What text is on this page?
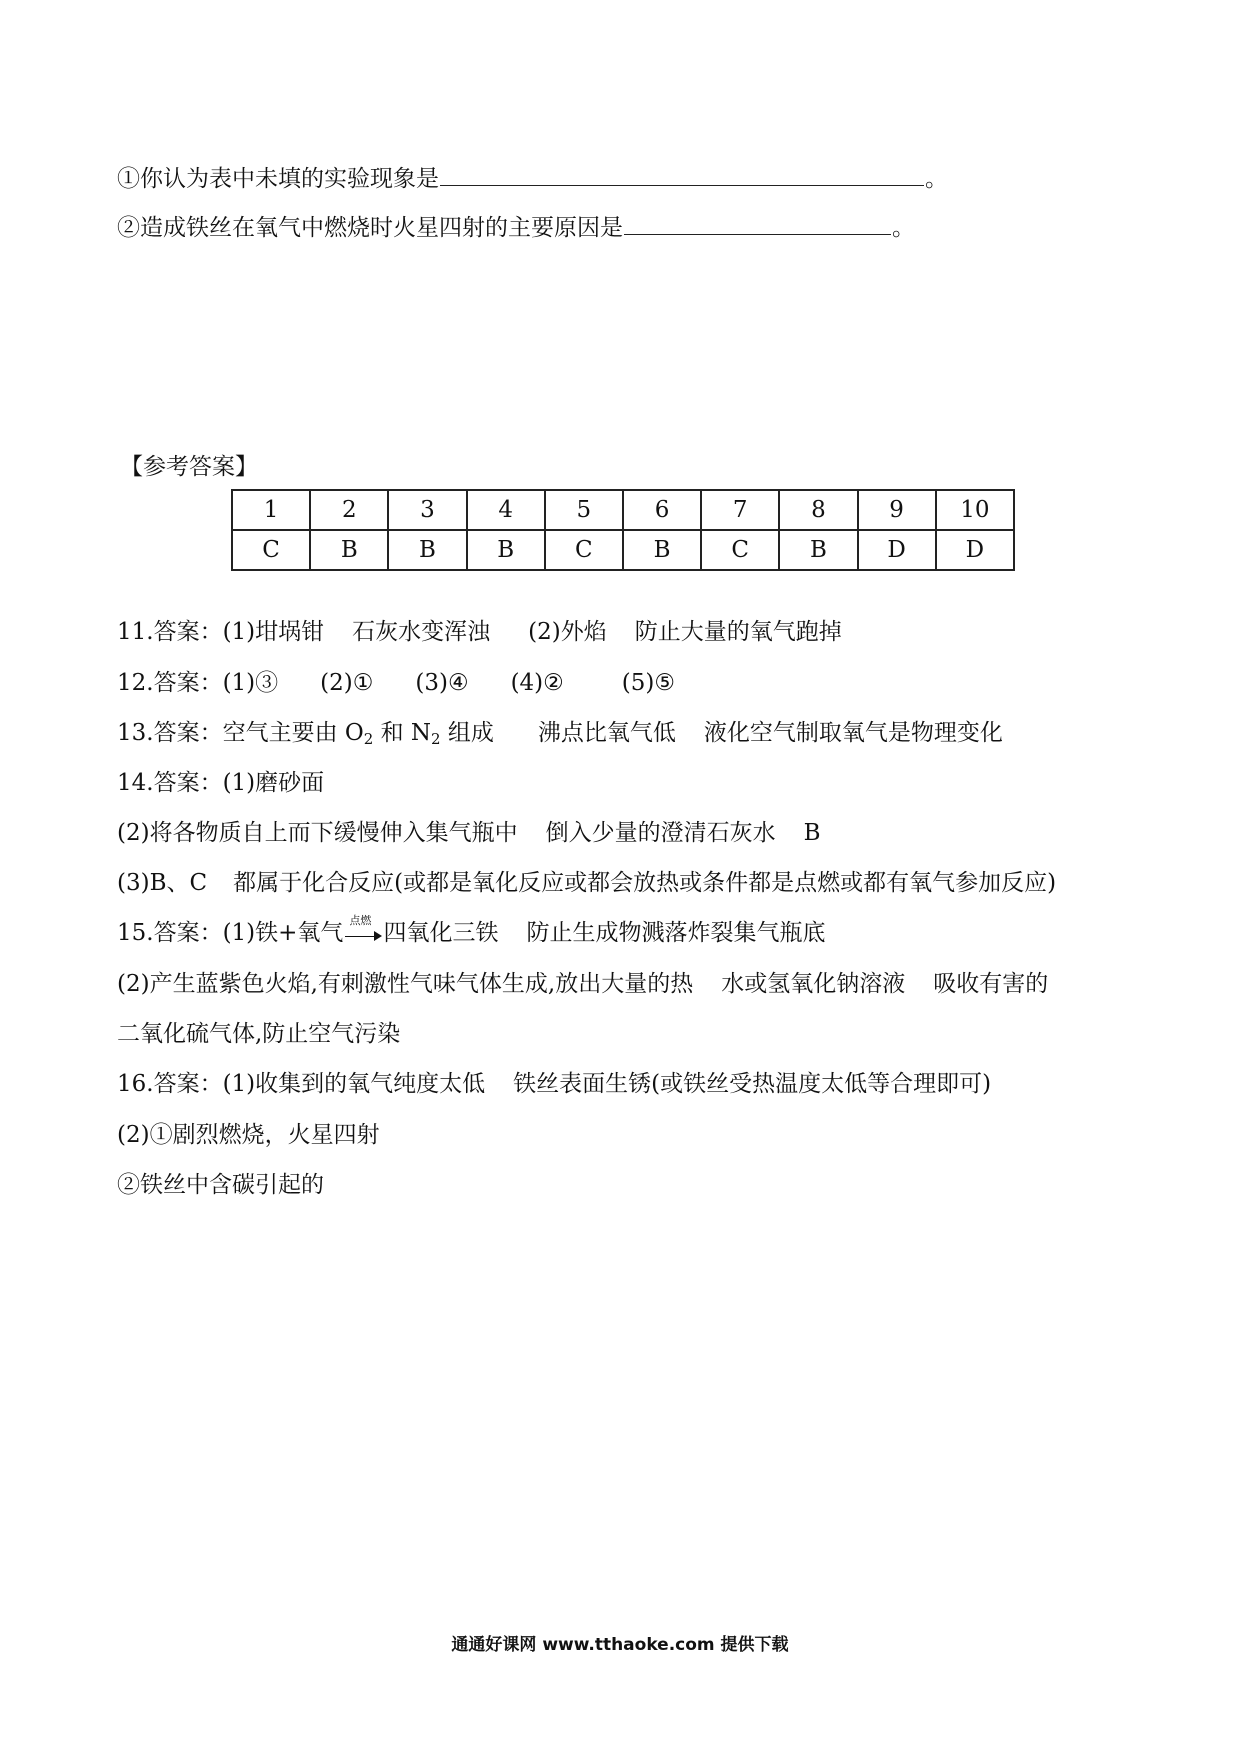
①你认为表中未填的实验现象是	。
②造成铁丝在氧气中燃烧时火星四射的主要原因是	。
【参考答案】
1	2	3	4	5	6	7	8	9	10
C	B	B	B	C	B	C	B	D	D
11.答案：(1)坩埚钳 石灰水变浑浊 (2)外焰 防止大量的氧气跑掉
12.答案：(1)③ (2)① (3)④ (4)②	(5)⑤
13.答案：空气主要由 $O_2$ 和 $N_2$ 组成 沸点比氧气低 液化空气制取氧气是物理变化
14.答案：(1)磨砂面
(2)将各物质自上而下缓慢伸入集气瓶中 倒入少量的澄清石灰水 B
(3)B、C 都属于化合反应(或都是氧化反应或都会放热或条件都是点燃或都有氧气参加反应)
15.答案：(1)铁+氧气 点燃 四氧化三铁 防止生成物溅落炸裂集气瓶底
(2)产生蓝紫色火焰,有刺激性气味气体生成,放出大量的热 水或氢氧化钠溶液 吸收有害的
二氧化硫气体,防止空气污染
16.答案：(1)收集到的氧气纯度太低 铁丝表面生锈(或铁丝受热温度太低等合理即可)
(2)①剧烈燃烧，火星四射
②铁丝中含碳引起的
通通好课网 www.tthaoke.com 提供下载
